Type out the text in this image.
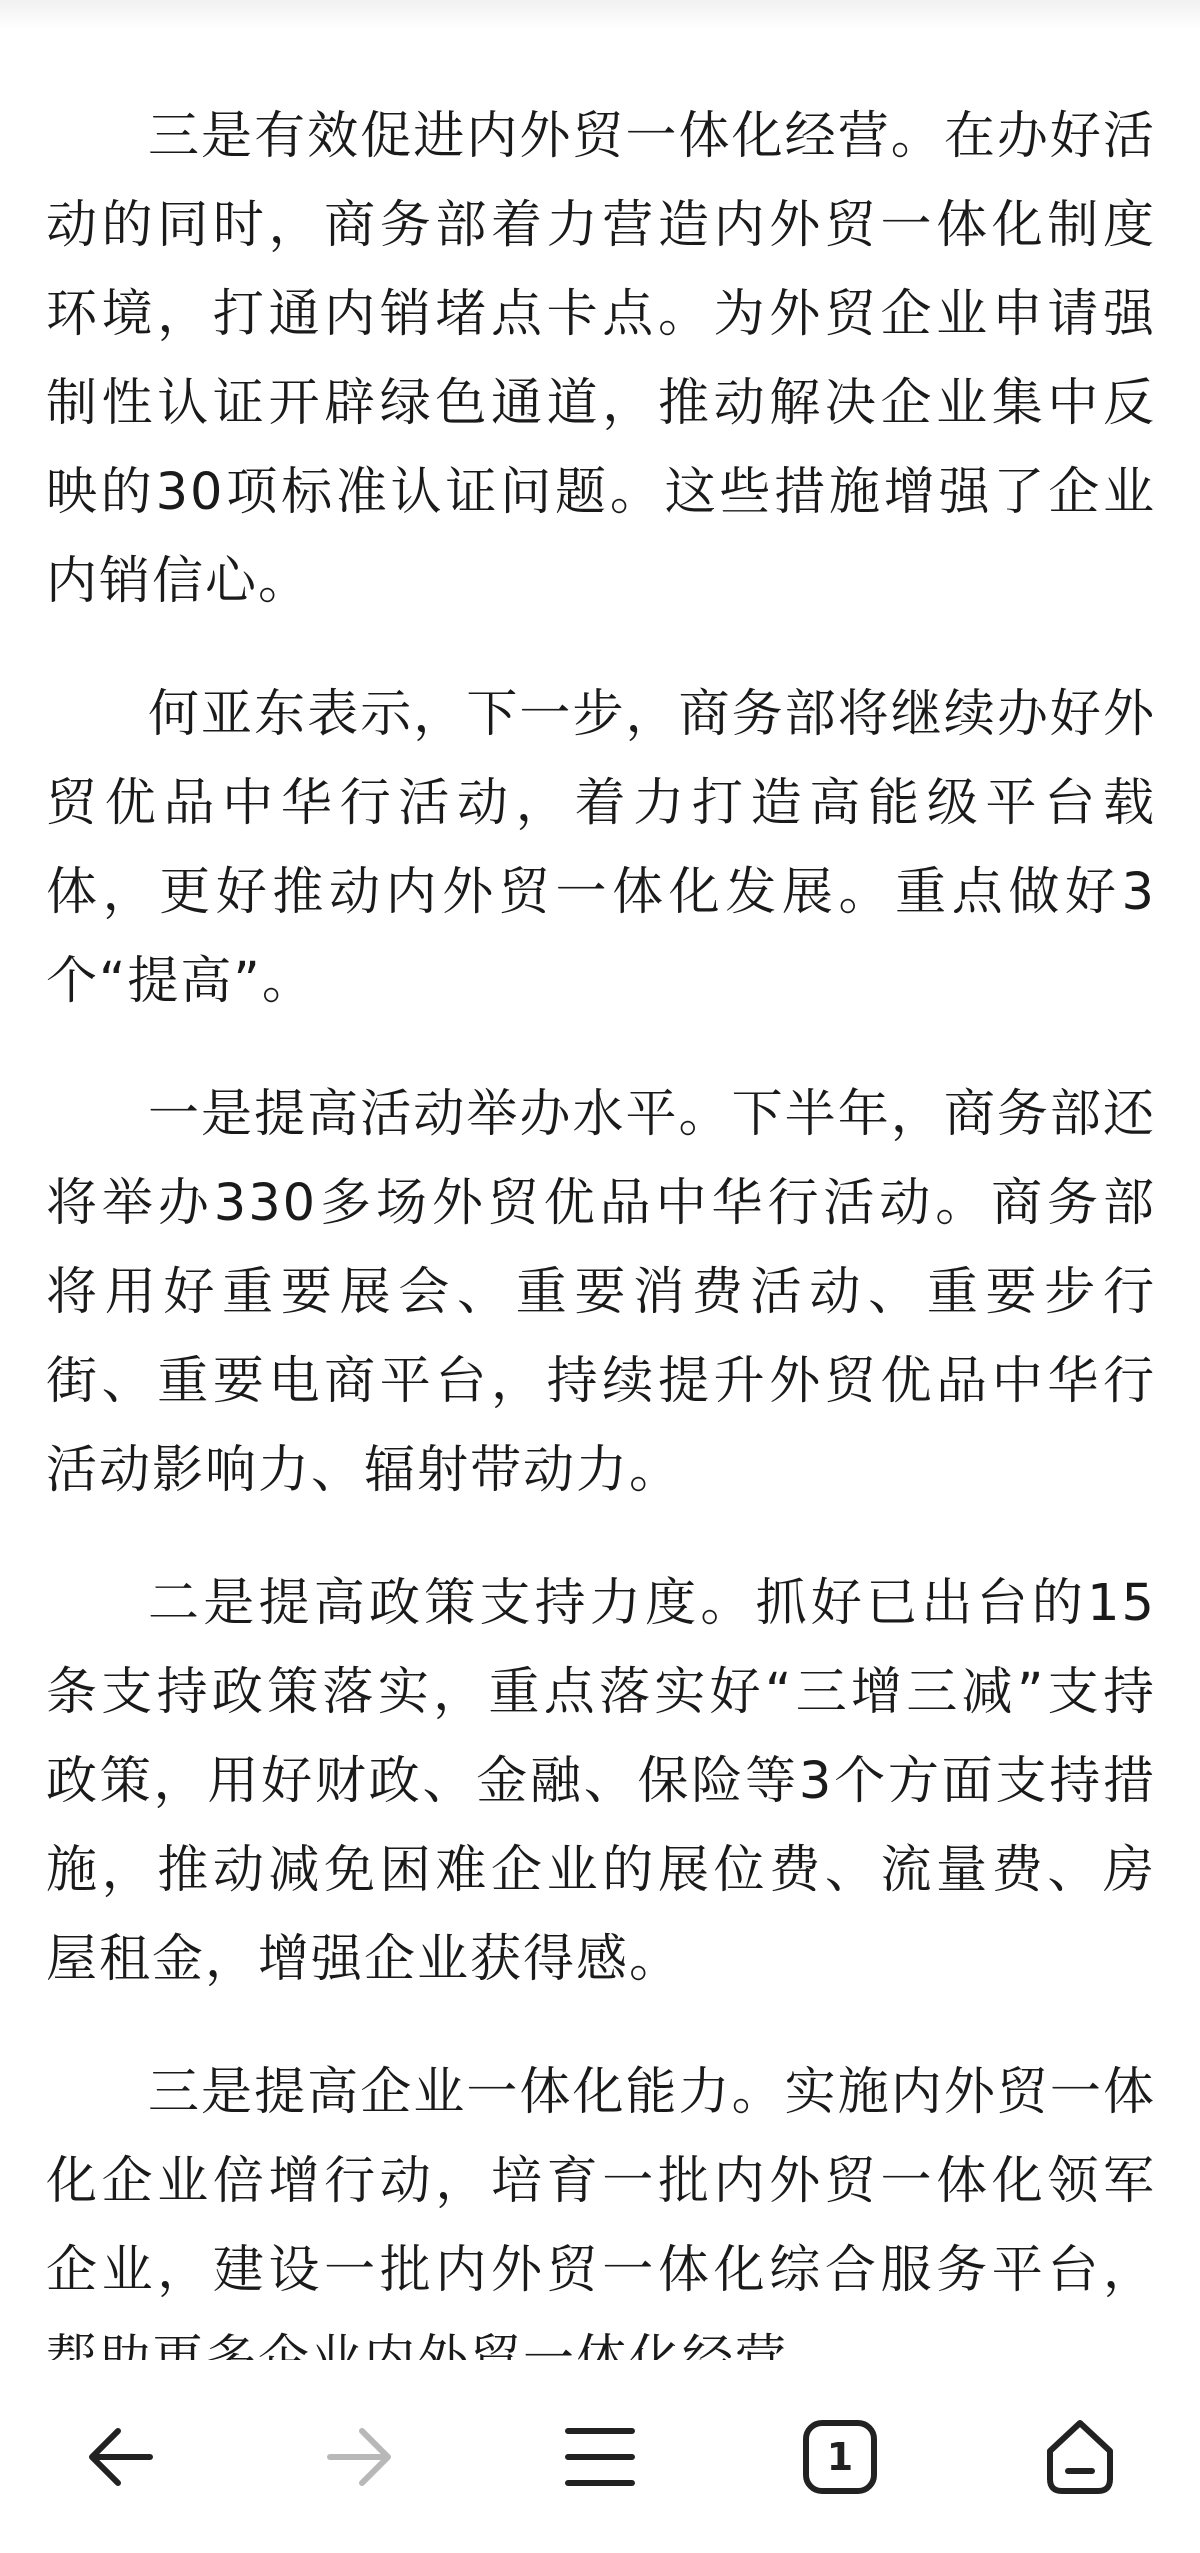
三是有效促进内外贸一体化经营。在办好活动的同时，商务部着力营造内外贸一体化制度环境，打通内销堵点卡点。为外贸企业申请强制性认证开辟绿色通道，推动解决企业集中反映的30项标准认证问题。这些措施增强了企业内销信心。

何亚东表示，下一步，商务部将继续办好外贸优品中华行活动，着力打造高能级平台载体，更好推动内外贸一体化发展。重点做好3个“提高”。

一是提高活动举办水平。下半年，商务部还将举办330多场外贸优品中华行活动。商务部将用好重要展会、重要消费活动、重要步行街、重要电商平台，持续提升外贸优品中华行活动影响力、辐射带动力。

二是提高政策支持力度。抓好已出台的15条支持政策落实，重点落实好“三增三减”支持政策，用好财政、金融、保险等3个方面支持措施，推动减免困难企业的展位费、流量费、房屋租金，增强企业获得感。

三是提高企业一体化能力。实施内外贸一体化企业倍增行动，培育一批内外贸一体化领军企业，建设一批内外贸一体化综合服务平台，

1
